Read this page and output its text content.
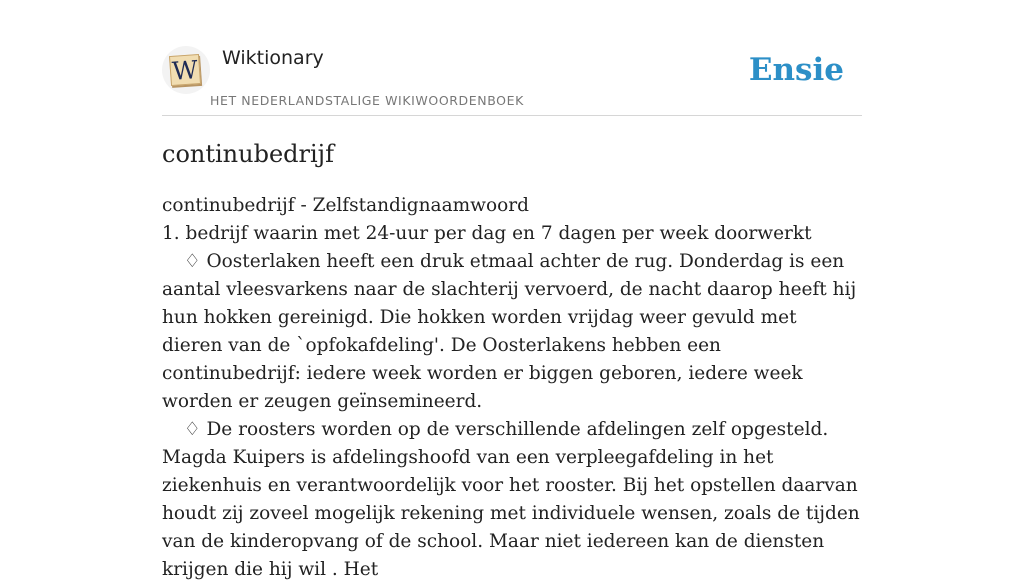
W Wiktionary
HET NEDERLANDSTALIGE WIKIWOORDENBOEK
Ensie
continubedrijf

continubedrijf - Zelfstandignaamwoord

1. bedrijf waarin met 24-uur per dag en 7 dagen per week doorwerkt

♢ Oosterlaken heeft een druk etmaal achter de rug. Donderdag is een aantal vleesvarkens naar de slachterij vervoerd, de nacht daarop heeft hij hun hokken gereinigd. Die hokken worden vrijdag weer gevuld met dieren van de `opfokafdeling'. De Oosterlakens hebben een continubedrijf: iedere week worden er biggen geboren, iedere week worden er zeugen geïnsemineerd.

♢ De roosters worden op de verschillende afdelingen zelf opgesteld. Magda Kuipers is afdelingshoofd van een verpleegafdeling in het ziekenhuis en verantwoordelijk voor het rooster. Bij het opstellen daarvan houdt zij zoveel mogelijk rekening met individuele wensen, zoals de tijden van de kinderopvang of de school. Maar niet iedereen kan de diensten krijgen die hij wil . Het
